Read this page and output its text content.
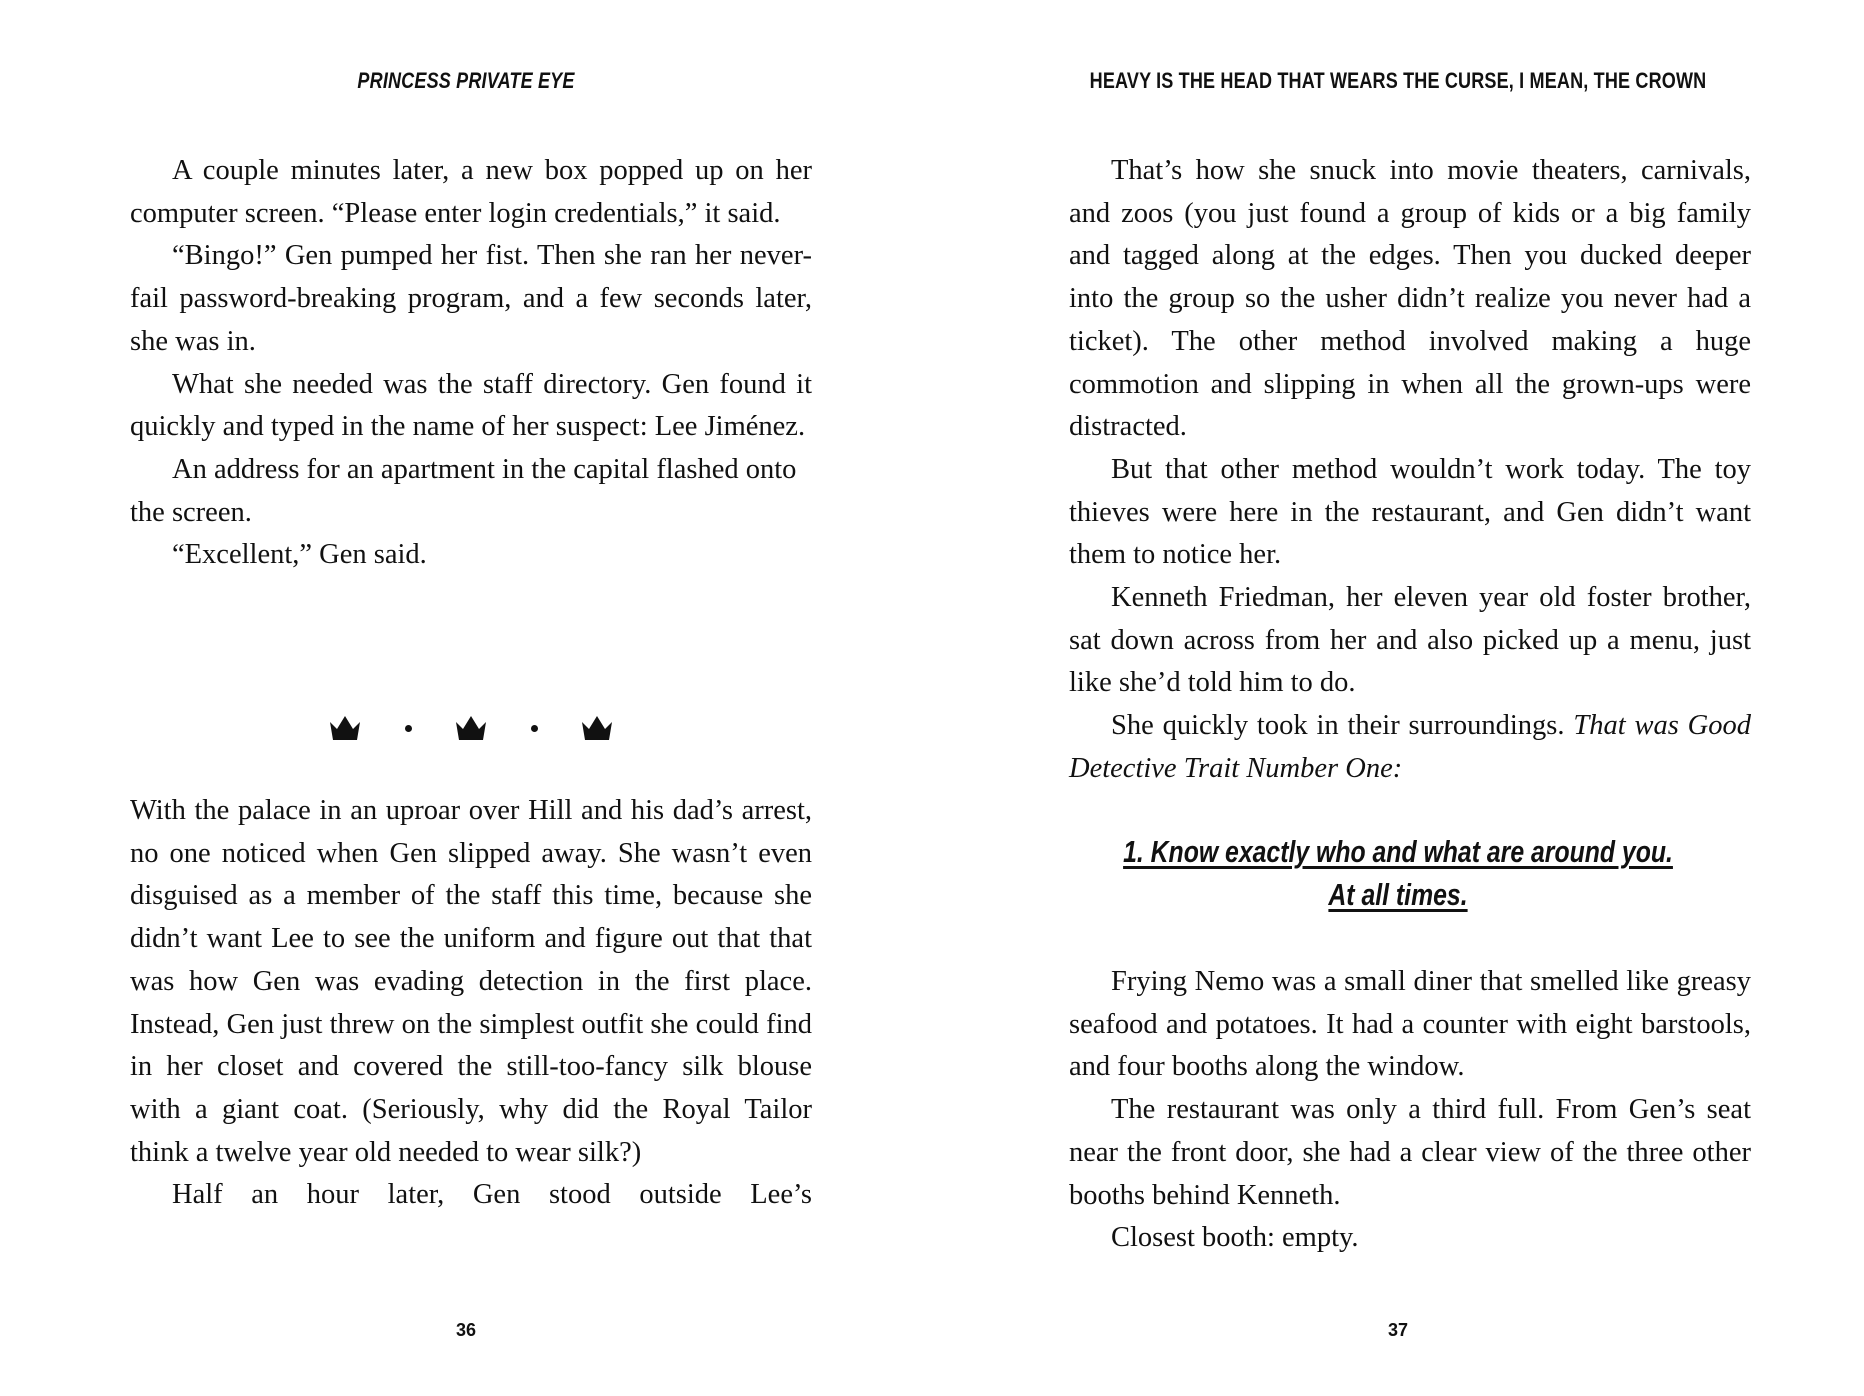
PRINCESS PRIVATE EYE

A couple minutes later, a new box popped up on her computer screen. “Please enter login credentials,” it said.

“Bingo!” Gen pumped her fist. Then she ran her never-fail password-breaking program, and a few seconds later, she was in.

What she needed was the staff directory. Gen found it quickly and typed in the name of her suspect: Lee Jiménez.

An address for an apartment in the capital flashed onto the screen.

“Excellent,” Gen said.

With the palace in an uproar over Hill and his dad’s arrest, no one noticed when Gen slipped away. She wasn’t even disguised as a member of the staff this time, because she didn’t want Lee to see the uniform and figure out that that was how Gen was evading detection in the first place. Instead, Gen just threw on the simplest outfit she could find in her closet and covered the still-too-fancy silk blouse with a giant coat. (Seriously, why did the Royal Tailor think a twelve year old needed to wear silk?)

Half an hour later, Gen stood outside Lee’s

36
HEAVY IS THE HEAD THAT WEARS THE CURSE, I MEAN, THE CROWN

That’s how she snuck into movie theaters, carnivals, and zoos (you just found a group of kids or a big family and tagged along at the edges. Then you ducked deeper into the group so the usher didn’t realize you never had a ticket). The other method involved making a huge commotion and slipping in when all the grown-ups were distracted.

But that other method wouldn’t work today. The toy thieves were here in the restaurant, and Gen didn’t want them to notice her.

Kenneth Friedman, her eleven year old foster brother, sat down across from her and also picked up a menu, just like she’d told him to do.

She quickly took in their surroundings. That was Good Detective Trait Number One:

1. Know exactly who and what are around you.
At all times.

Frying Nemo was a small diner that smelled like greasy seafood and potatoes. It had a counter with eight barstools, and four booths along the window.

The restaurant was only a third full. From Gen’s seat near the front door, she had a clear view of the three other booths behind Kenneth.

Closest booth: empty.

37
